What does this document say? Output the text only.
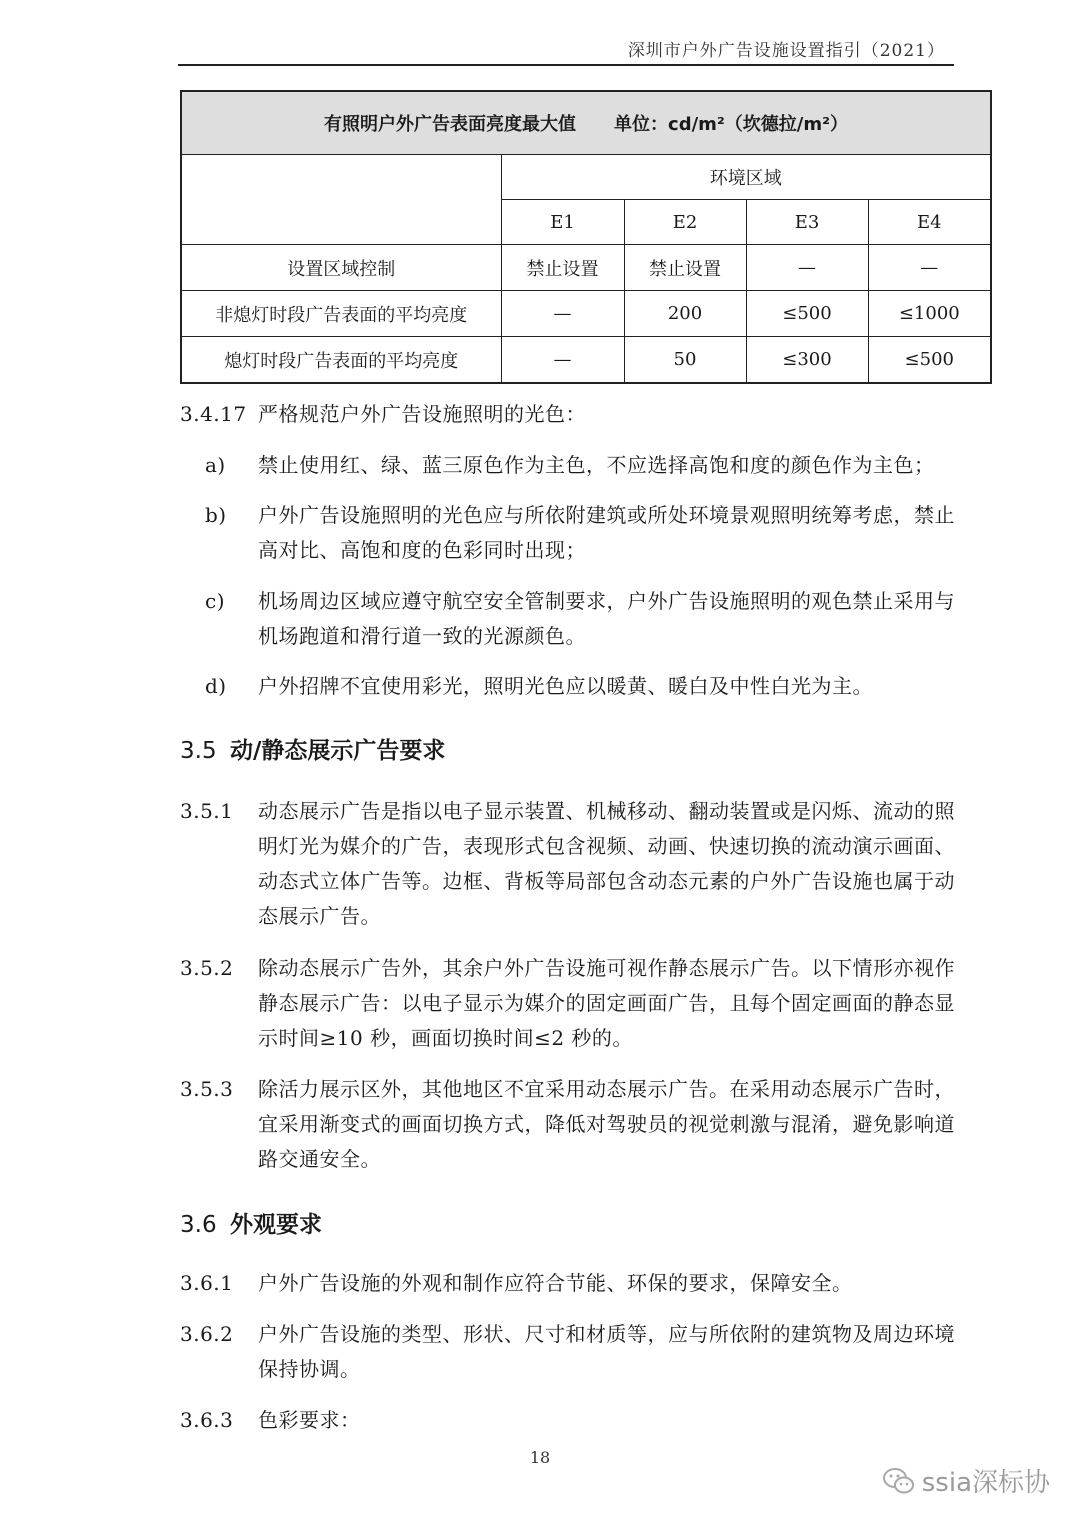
深圳市户外广告设施设置指引（2021）
有照明户外广告表面亮度最大值 单位：cd/m²（坎德拉/m²）				
	环境区域			
	E1	E2	E3	E4
设置区域控制	禁止设置	禁止设置	—	—
非熄灯时段广告表面的平均亮度	—	200	≤500	≤1000
熄灯时段广告表面的平均亮度	—	50	≤300	≤500
3.4.17 严格规范户外广告设施照明的光色：
a) 禁止使用红、绿、蓝三原色作为主色，不应选择高饱和度的颜色作为主色；
b) 户外广告设施照明的光色应与所依附建筑或所处环境景观照明统筹考虑，禁止高对比、高饱和度的色彩同时出现；
c) 机场周边区域应遵守航空安全管制要求，户外广告设施照明的观色禁止采用与机场跑道和滑行道一致的光源颜色。
d) 户外招牌不宜使用彩光，照明光色应以暖黄、暖白及中性白光为主。
3.5 动/静态展示广告要求
3.5.1 动态展示广告是指以电子显示装置、机械移动、翻动装置或是闪烁、流动的照明灯光为媒介的广告，表现形式包含视频、动画、快速切换的流动演示画面、动态式立体广告等。边框、背板等局部包含动态元素的户外广告设施也属于动态展示广告。
3.5.2 除动态展示广告外，其余户外广告设施可视作静态展示广告。以下情形亦视作静态展示广告：以电子显示为媒介的固定画面广告，且每个固定画面的静态显示时间≥10 秒，画面切换时间≤2 秒的。
3.5.3 除活力展示区外，其他地区不宜采用动态展示广告。在采用动态展示广告时，宜采用渐变式的画面切换方式，降低对驾驶员的视觉刺激与混淆，避免影响道路交通安全。
3.6 外观要求
3.6.1 户外广告设施的外观和制作应符合节能、环保的要求，保障安全。
3.6.2 户外广告设施的类型、形状、尺寸和材质等，应与所依附的建筑物及周边环境保持协调。
3.6.3 色彩要求：
18
ssia深标协
